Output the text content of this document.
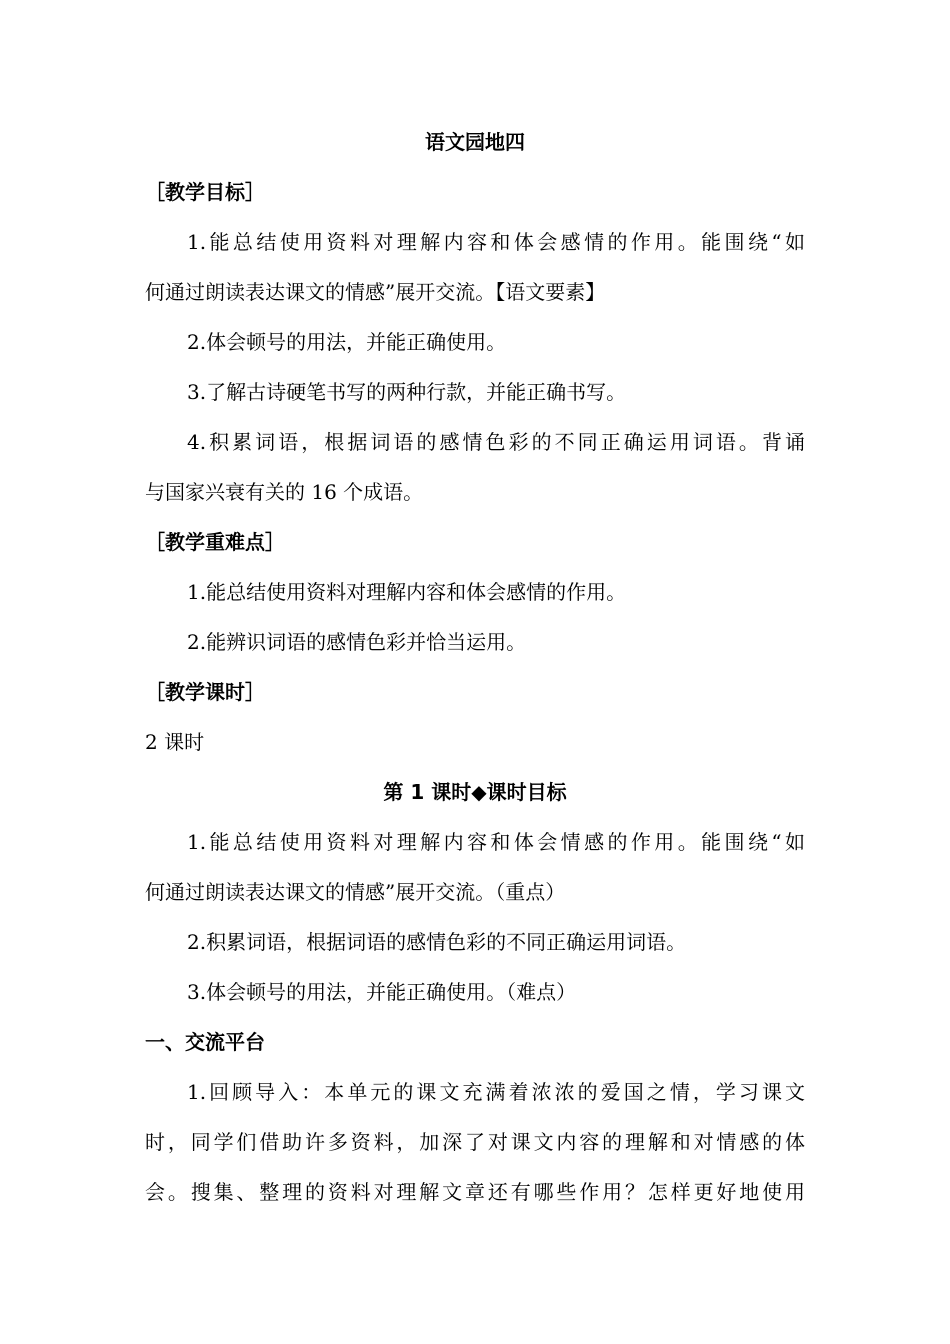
语文园地四
［教学目标］
1.能总结使用资料对理解内容和体会感情的作用。能围绕“如
何通过朗读表达课文的情感”展开交流。【语文要素】
2.体会顿号的用法，并能正确使用。
3.了解古诗硬笔书写的两种行款，并能正确书写。
4.积累词语，根据词语的感情色彩的不同正确运用词语。背诵
与国家兴衰有关的 16 个成语。
［教学重难点］
1.能总结使用资料对理解内容和体会感情的作用。
2.能辨识词语的感情色彩并恰当运用。
［教学课时］
2 课时
第 1 课时◆课时目标
1.能总结使用资料对理解内容和体会情感的作用。能围绕“如
何通过朗读表达课文的情感”展开交流。（重点）
2.积累词语，根据词语的感情色彩的不同正确运用词语。
3.体会顿号的用法，并能正确使用。（难点）
一、交流平台
1.回顾导入：本单元的课文充满着浓浓的爱国之情，学习课文
时，同学们借助许多资料，加深了对课文内容的理解和对情感的体
会。搜集、整理的资料对理解文章还有哪些作用？怎样更好地使用
